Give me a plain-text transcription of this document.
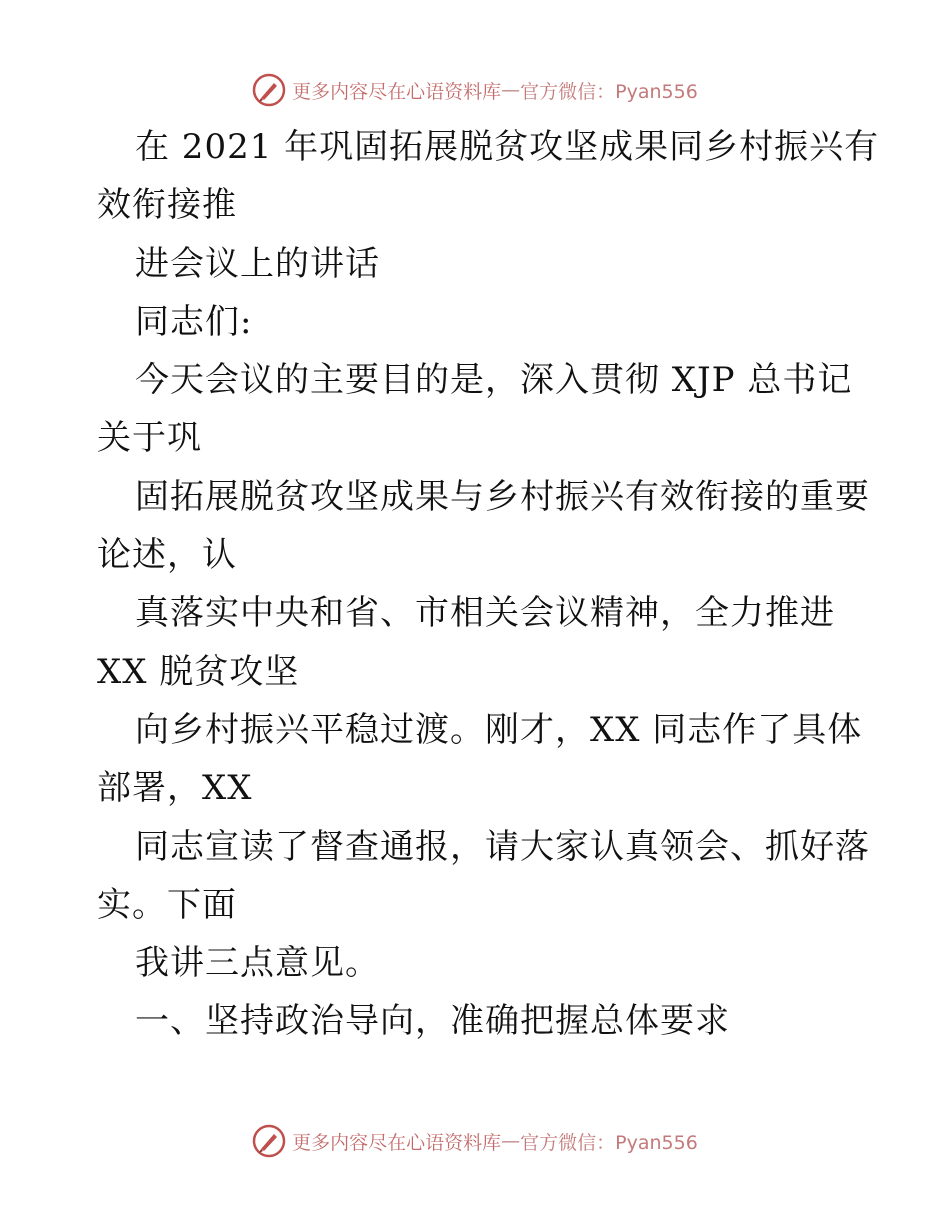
更多内容尽在心语资料库 — 官方微信：Pyan556
在 2021 年巩固拓展脱贫攻坚成果同乡村振兴有
效衔接推
进会议上的讲话
同志们:
今天会议的主要目的是，深入贯彻 XJP 总书记
关于巩
固拓展脱贫攻坚成果与乡村振兴有效衔接的重要
论述，认
真落实中央和省、市相关会议精神，全力推进
XX 脱贫攻坚
向乡村振兴平稳过渡。刚才，XX 同志作了具体
部署，XX
同志宣读了督查通报，请大家认真领会、抓好落
实。下面
我讲三点意见。
一、坚持政治导向，准确把握总体要求
更多内容尽在心语资料库 — 官方微信：Pyan556
